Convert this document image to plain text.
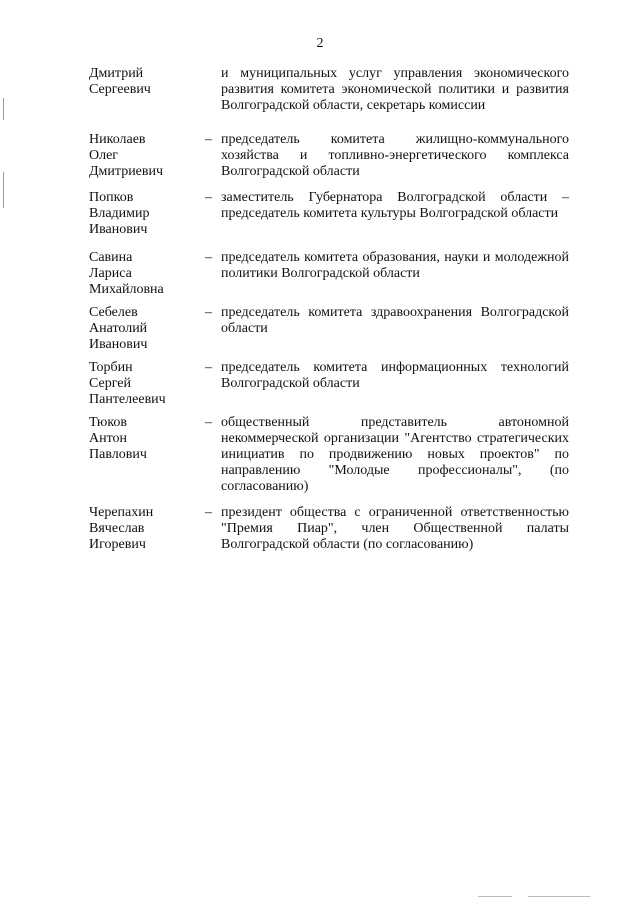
2
Дмитрий
Сергеевич
и муниципальных услуг управления экономического развития комитета экономической политики и развития Волгоградской области, секретарь комиссии
Николаев
Олег
Дмитриевич
– председатель комитета жилищно-коммунального хозяйства и топливно-энергетического комплекса Волгоградской области
Попков
Владимир
Иванович
– заместитель Губернатора Волгоградской области – председатель комитета культуры Волгоградской области
Савина
Лариса
Михайловна
– председатель комитета образования, науки и молодежной политики Волгоградской области
Себелев
Анатолий
Иванович
– председатель комитета здравоохранения Волгоградской области
Торбин
Сергей
Пантелеевич
– председатель комитета информационных технологий Волгоградской области
Тюков
Антон
Павлович
– общественный представитель автономной некоммерческой организации "Агентство стратегических инициатив по продвижению новых проектов" по направлению "Молодые профессионалы", (по согласованию)
Черепахин
Вячеслав
Игоревич
– президент общества с ограниченной ответственностью "Премия Пиар", член Общественной палаты Волгоградской области (по согласованию)
